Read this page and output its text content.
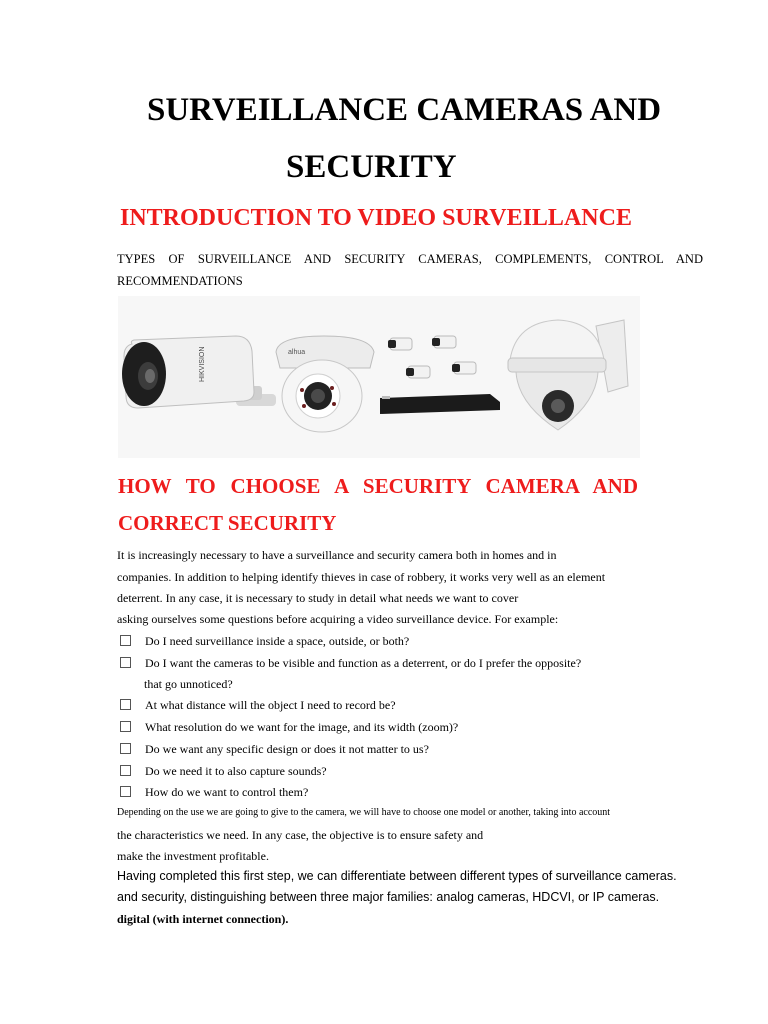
SURVEILLANCE CAMERAS AND
SECURITY
INTRODUCTION TO VIDEO SURVEILLANCE
TYPES OF SURVEILLANCE AND SECURITY CAMERAS, COMPLEMENTS, CONTROL AND
RECOMMENDATIONS
HIKVISION	alhua
HOW TO CHOOSE A SECURITY CAMERA AND
CORRECT SECURITY
It is increasingly necessary to have a surveillance and security camera both in homes and in
companies. In addition to helping identify thieves in case of robbery, it works very well as an element
deterrent. In any case, it is necessary to study in detail what needs we want to cover
asking ourselves some questions before acquiring a video surveillance device. For example:
Do I need surveillance inside a space, outside, or both?
Do I want the cameras to be visible and function as a deterrent, or do I prefer the opposite?
that go unnoticed?
At what distance will the object I need to record be?
What resolution do we want for the image, and its width (zoom)?
Do we want any specific design or does it not matter to us?
Do we need it to also capture sounds?
How do we want to control them?
Depending on the use we are going to give to the camera, we will have to choose one model or another, taking into account
the characteristics we need. In any case, the objective is to ensure safety and
make the investment profitable.
Having completed this first step, we can differentiate between different types of surveillance cameras.
and security, distinguishing between three major families: analog cameras, HDCVI, or IP cameras.
digital (with internet connection).
